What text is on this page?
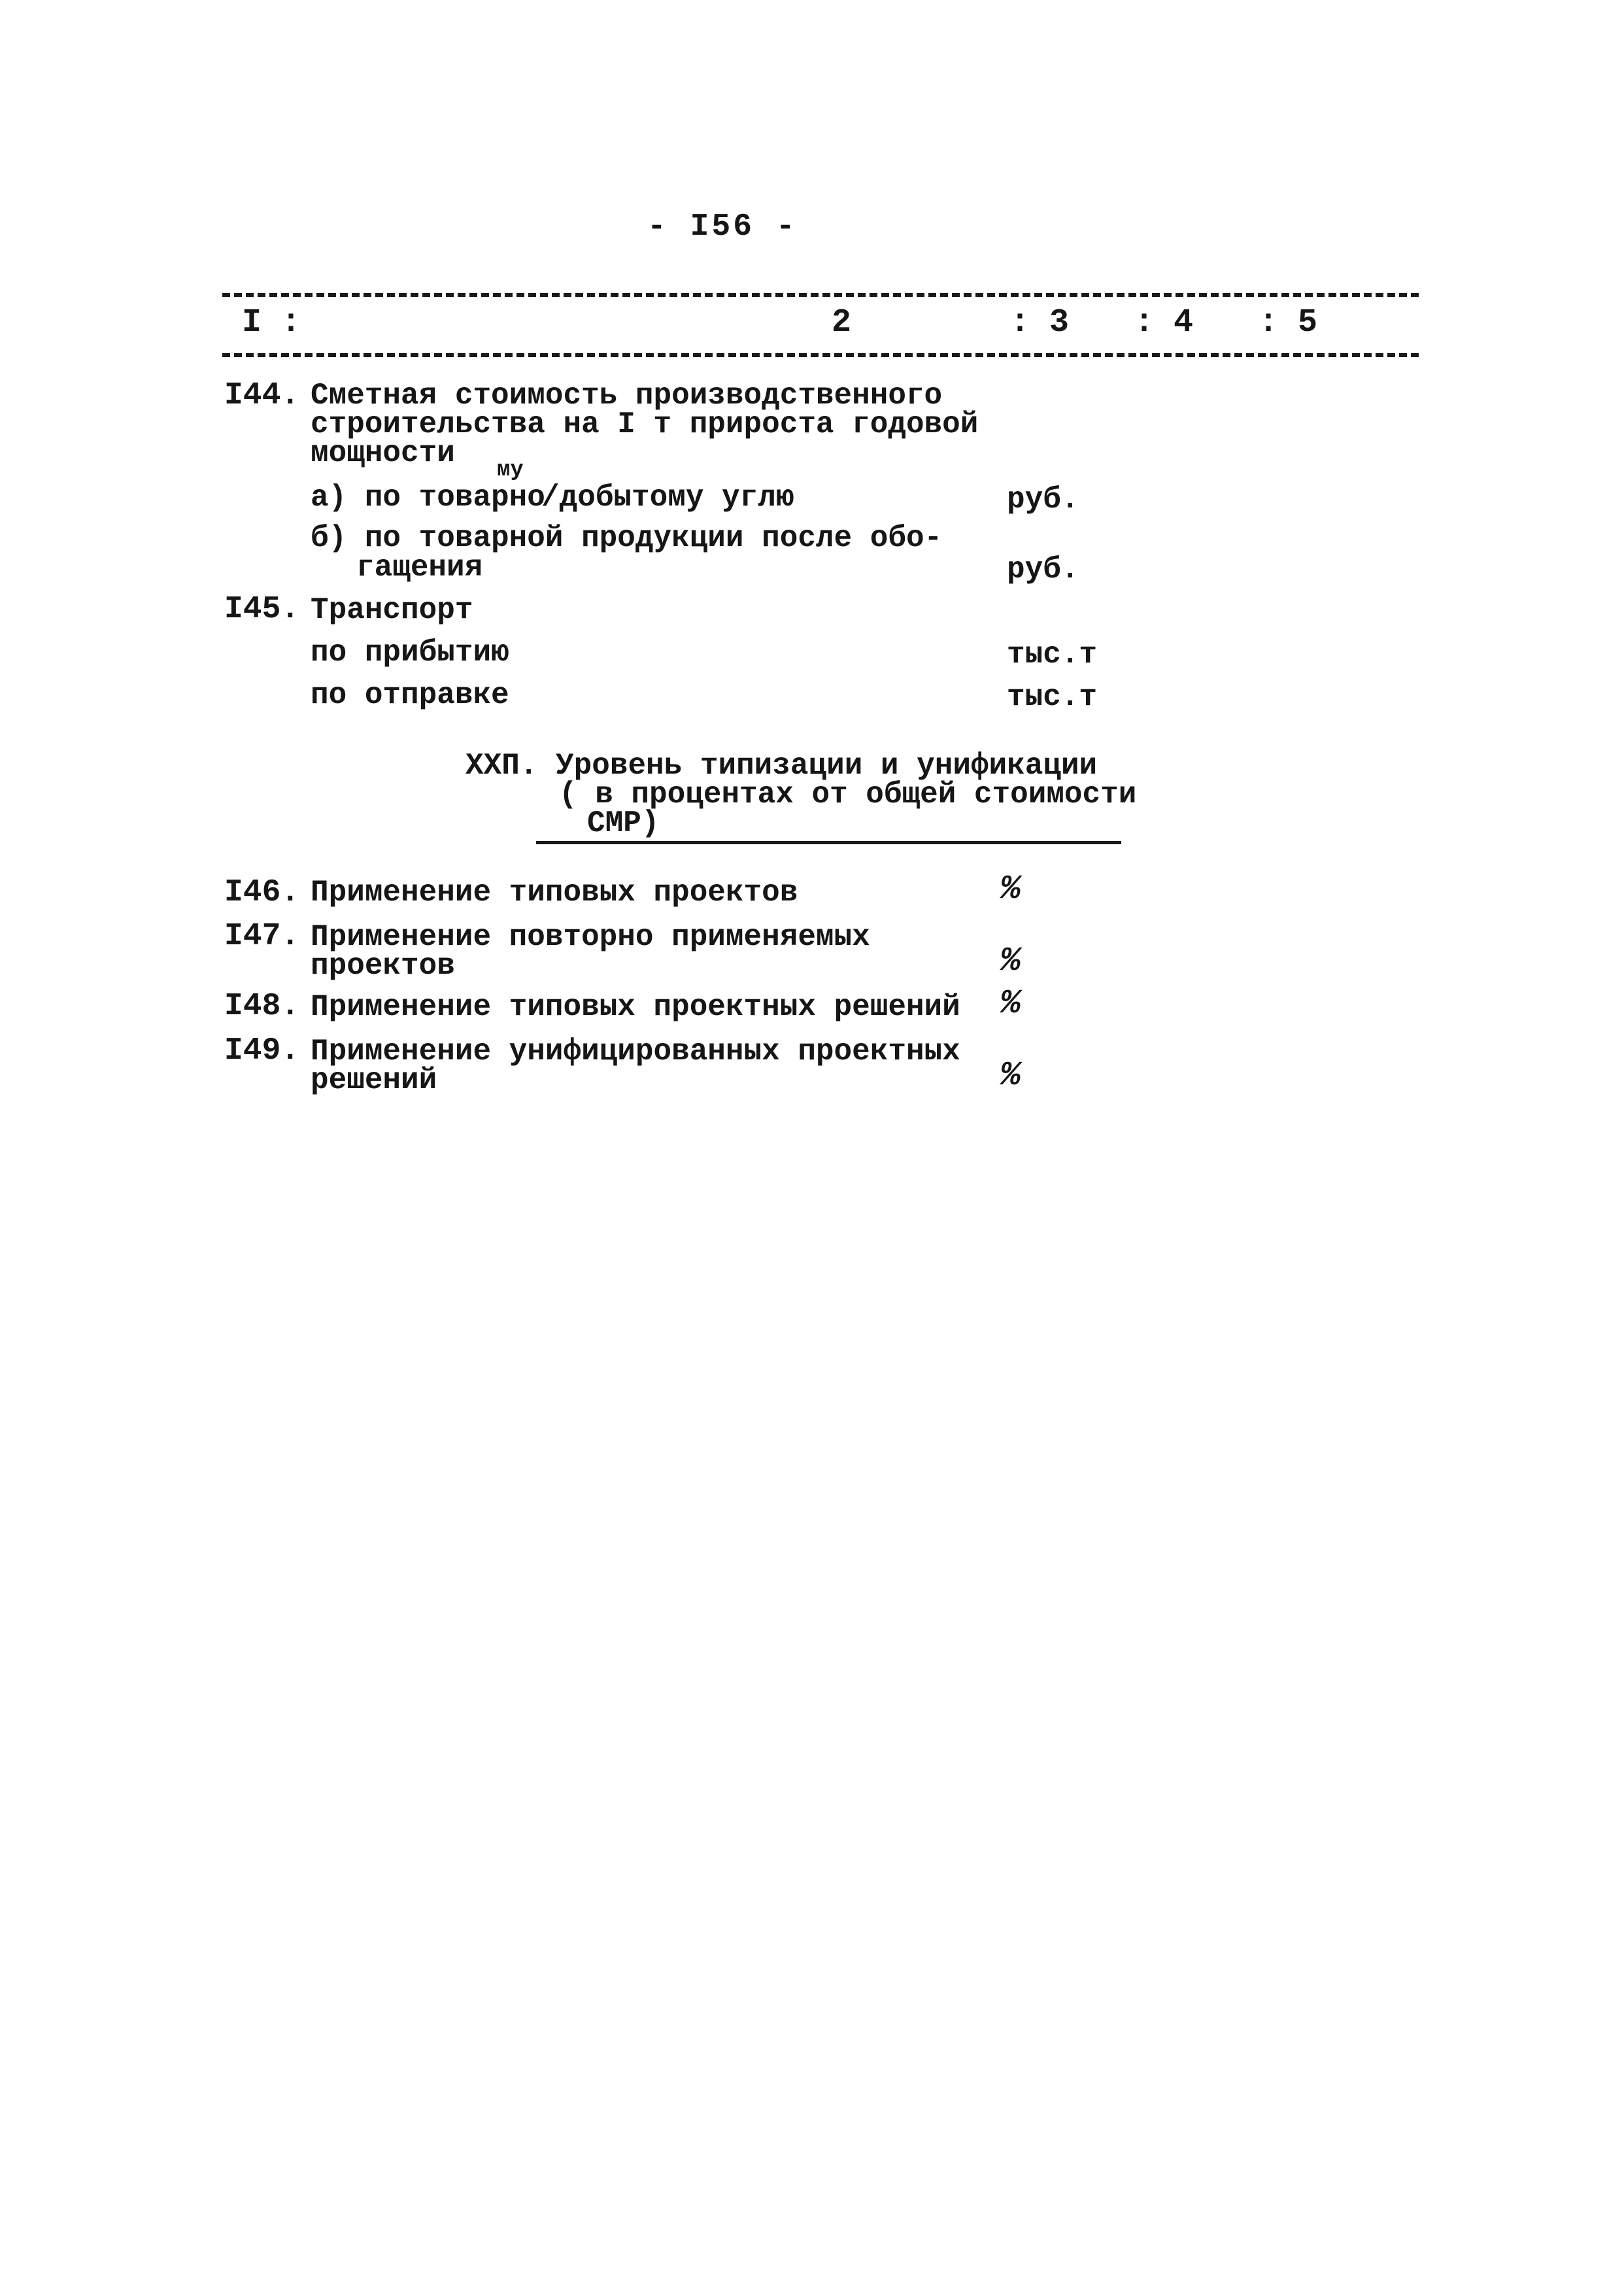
- I56 -
I :	2	: 3 : 4 : 5
I44. Сметная стоимость производственного
строительства на I т прироста годовой
мощности му
а) по товарно
/добытому углю	руб.
б) по товарной продукции после обо-
гащения	руб.
I45. Транспорт
по прибытию	тыс.т
по отправке	тыс.т
XXП. Уровень типизации и унификации
( в процентах от общей стоимости
СМР)
I46. Применение типовых проектов	%
I47. Применение повторно применяемых
проектов	%
I48. Применение типовых проектных решений %
I49. Применение унифицированных проектных
решений	%
